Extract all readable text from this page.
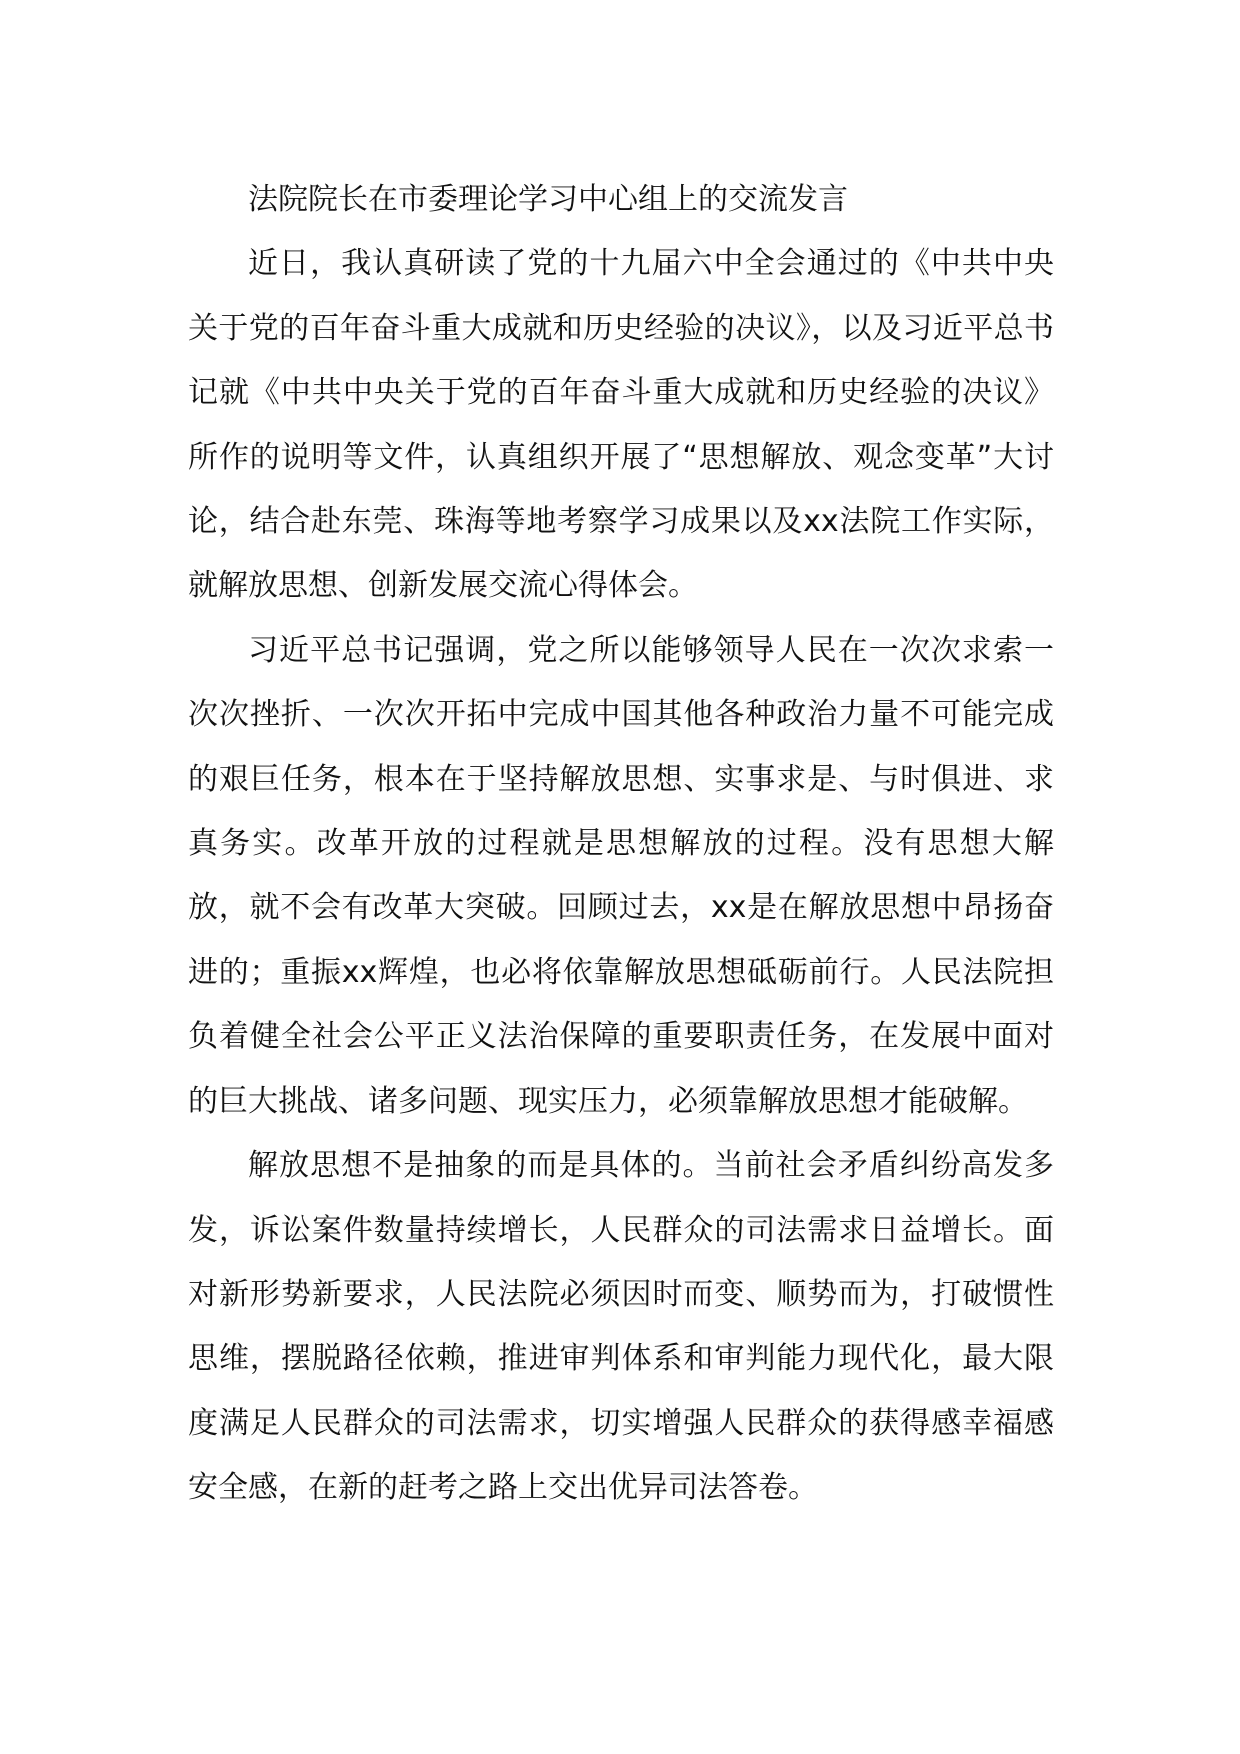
法院院长在市委理论学习中心组上的交流发言

近日，我认真研读了党的十九届六中全会通过的《中共中央关于党的百年奋斗重大成就和历史经验的决议》，以及习近平总书记就《中共中央关于党的百年奋斗重大成就和历史经验的决议》所作的说明等文件，认真组织开展了“思想解放、观念变革”大讨论，结合赴东莞、珠海等地考察学习成果以及xx法院工作实际，就解放思想、创新发展交流心得体会。

习近平总书记强调，党之所以能够领导人民在一次次求索一次次挫折、一次次开拓中完成中国其他各种政治力量不可能完成的艰巨任务，根本在于坚持解放思想、实事求是、与时俱进、求真务实。改革开放的过程就是思想解放的过程。没有思想大解放，就不会有改革大突破。回顾过去，xx是在解放思想中昂扬奋进的；重振xx辉煌，也必将依靠解放思想砥砺前行。人民法院担负着健全社会公平正义法治保障的重要职责任务，在发展中面对的巨大挑战、诸多问题、现实压力，必须靠解放思想才能破解。

解放思想不是抽象的而是具体的。当前社会矛盾纠纷高发多发，诉讼案件数量持续增长，人民群众的司法需求日益增长。面对新形势新要求，人民法院必须因时而变、顺势而为，打破惯性思维，摆脱路径依赖，推进审判体系和审判能力现代化，最大限度满足人民群众的司法需求，切实增强人民群众的获得感幸福感安全感，在新的赶考之路上交出优异司法答卷。
